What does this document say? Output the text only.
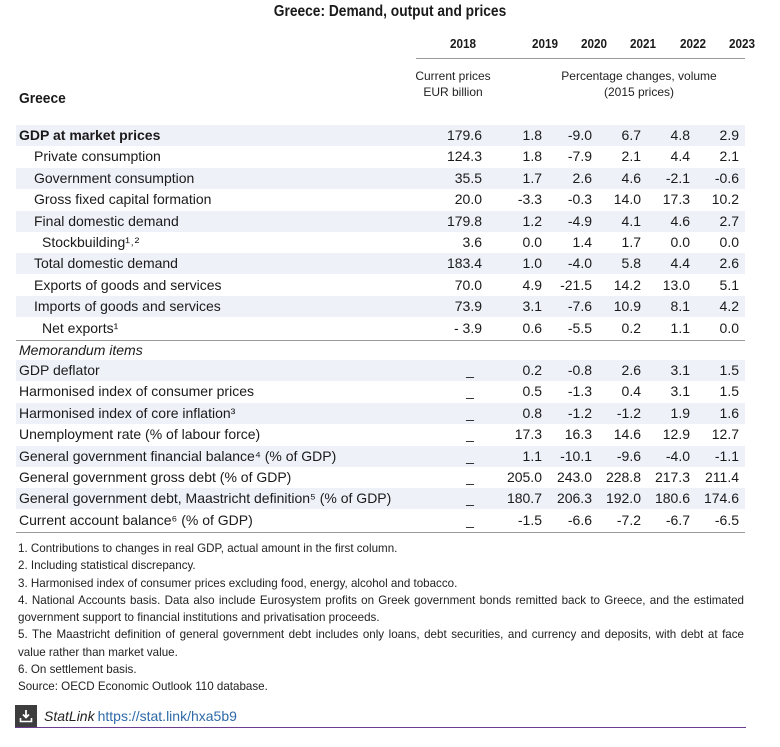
Greece: Demand, output and prices
2018	2019	2020	2021	2022	2023
Current prices
EUR billion
Percentage changes, volume
(2015 prices)
Greece
GDP at market prices	179.6	1.8	-9.0	6.7	4.8	2.9
Private consumption	124.3	1.8	-7.9	2.1	4.4	2.1
Government consumption	35.5	1.7	2.6	4.6	-2.1	-0.6
Gross fixed capital formation	20.0	-3.3	-0.3	14.0	17.3	10.2
Final domestic demand	179.8	1.2	-4.9	4.1	4.6	2.7
Stockbuilding¹˒²	3.6	0.0	1.4	1.7	0.0	0.0
Total domestic demand	183.4	1.0	-4.0	5.8	4.4	2.6
Exports of goods and services	70.0	4.9	-21.5	14.2	13.0	5.1
Imports of goods and services	73.9	3.1	-7.6	10.9	8.1	4.2
Net exports¹	- 3.9	0.6	-5.5	0.2	1.1	0.0
Memorandum items
GDP deflator	_	0.2	-0.8	2.6	3.1	1.5
Harmonised index of consumer prices	_	0.5	-1.3	0.4	3.1	1.5
Harmonised index of core inflation³	_	0.8	-1.2	-1.2	1.9	1.6
Unemployment rate (% of labour force)	_	17.3	16.3	14.6	12.9	12.7
General government financial balance⁴ (% of GDP)	_	1.1	-10.1	-9.6	-4.0	-1.1
General government gross debt (% of GDP)	_	205.0	243.0 228.8 217.3	211.4
General government debt, Maastricht definition⁵ (% of GDP)	_	180.7	206.3 192.0 180.6 174.6
Current account balance⁶ (% of GDP)	_	-1.5	-6.6	-7.2	-6.7	-6.5
1. Contributions to changes in real GDP, actual amount in the first column.
2. Including statistical discrepancy.
3. Harmonised index of consumer prices excluding food, energy, alcohol and tobacco.
4. National Accounts basis. Data also include Eurosystem profits on Greek government bonds remitted back to Greece, and the estimated government support to financial institutions and privatisation proceeds.
5. The Maastricht definition of general government debt includes only loans, debt securities, and currency and deposits, with debt at face value rather than market value.
6. On settlement basis.
Source: OECD Economic Outlook 110 database.
StatLink https://stat.link/hxa5b9
